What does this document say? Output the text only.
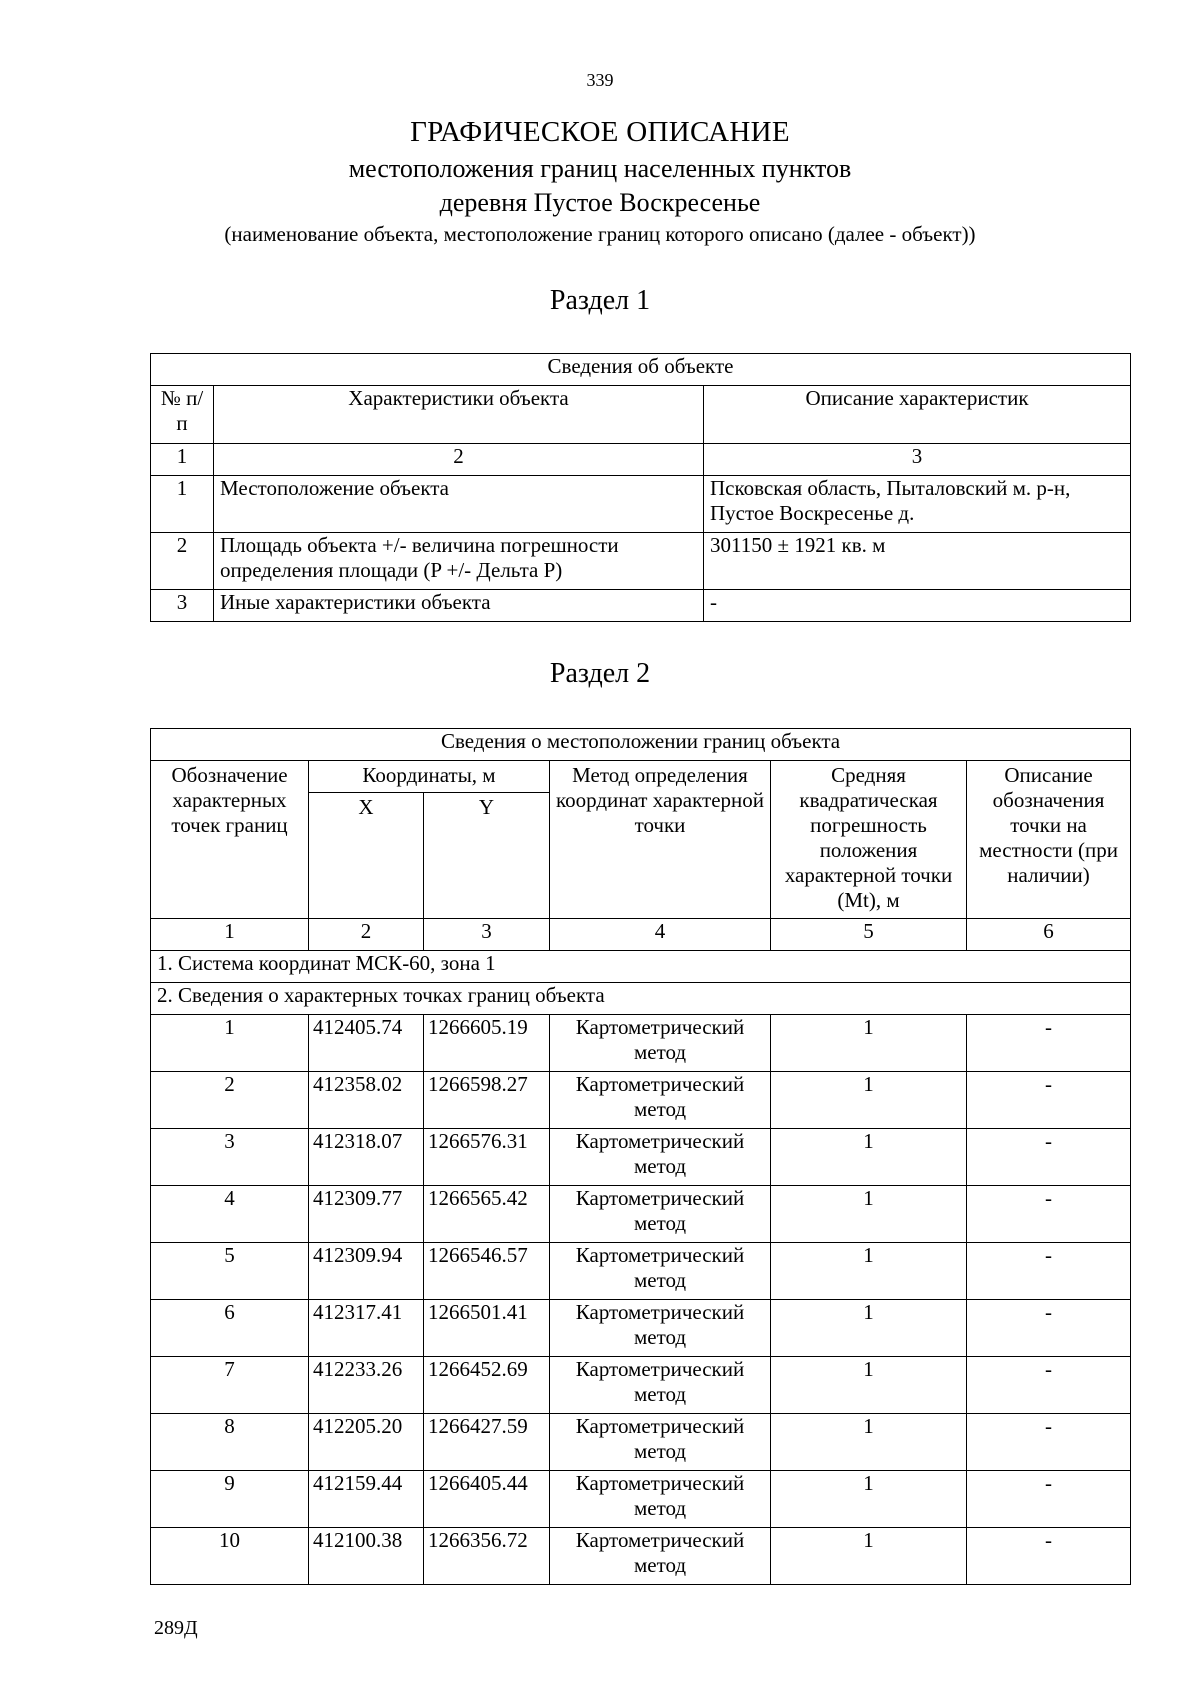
339
ГРАФИЧЕСКОЕ ОПИСАНИЕ
местоположения границ населенных пунктов
деревня Пустое Воскресенье
(наименование объекта, местоположение границ которого описано (далее - объект))
Раздел 1
Сведения об объекте		
№ п/п	Характеристики объекта	Описание характеристик
1	2	3
1	Местоположение объекта	Псковская область, Пыталовский м. р-н, Пустое Воскресенье д.
2	Площадь объекта +/- величина погрешности определения площади (P +/- Дельта P)	301150 ± 1921 кв. м
3	Иные характеристики объекта	-
Раздел 2
Сведения о местоположении границ объекта					
Обозначение характерных точек границ	Координаты, м		Метод определения координат характерной точки	Средняя квадратическая погрешность положения характерной точки (Mt), м	Описание обозначения точки на местности (при наличии)
	X	Y			
1	2	3	4	5	6
1. Система координат МСК-60, зона 1					
2. Сведения о характерных точках границ объекта					
1	412405.74	1266605.19	Картометрический метод	1	-
2	412358.02	1266598.27	Картометрический метод	1	-
3	412318.07	1266576.31	Картометрический метод	1	-
4	412309.77	1266565.42	Картометрический метод	1	-
5	412309.94	1266546.57	Картометрический метод	1	-
6	412317.41	1266501.41	Картометрический метод	1	-
7	412233.26	1266452.69	Картометрический метод	1	-
8	412205.20	1266427.59	Картометрический метод	1	-
9	412159.44	1266405.44	Картометрический метод	1	-
10	412100.38	1266356.72	Картометрический метод	1	-
289Д
